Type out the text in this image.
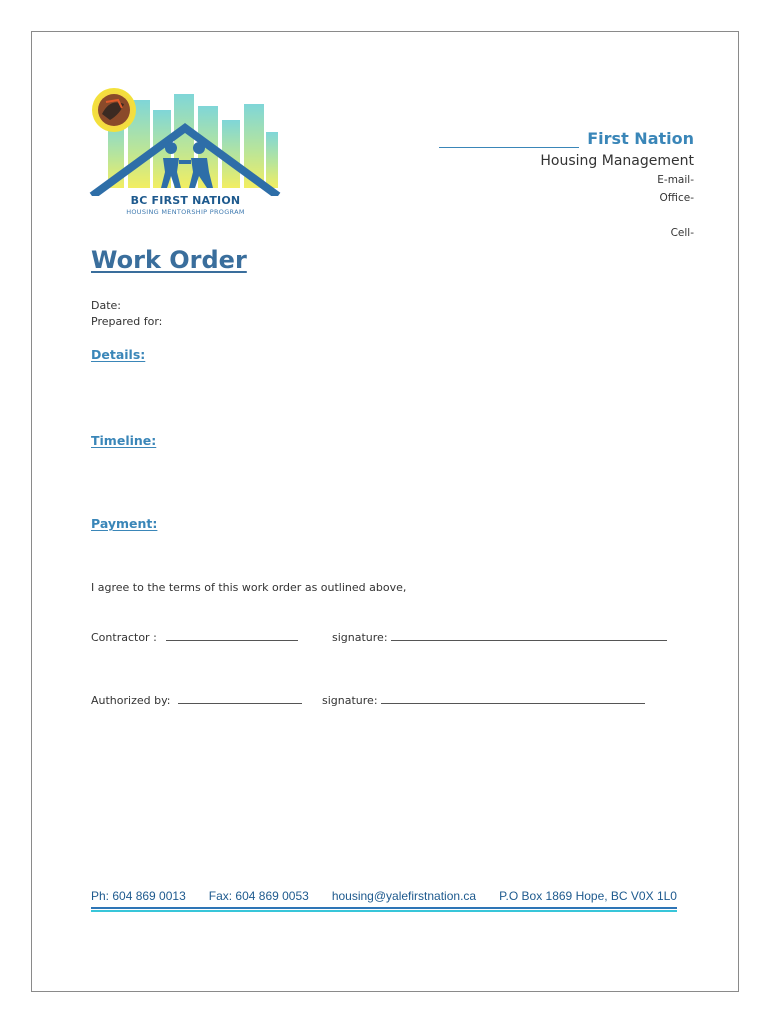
BC FIRST NATION
HOUSING MENTORSHIP PROGRAM
First Nation
Housing Management
E-mail-
Office-
Cell-
Work Order
Date:
Prepared for:
Details:
Timeline:
Payment:
I agree to the terms of this work order as outlined above,
Contractor :	signature:
Authorized by:	signature:
Ph: 604 869 0013 Fax: 604 869 0053 housing@yalefirstnation.ca P.O Box 1869 Hope, BC V0X 1L0
